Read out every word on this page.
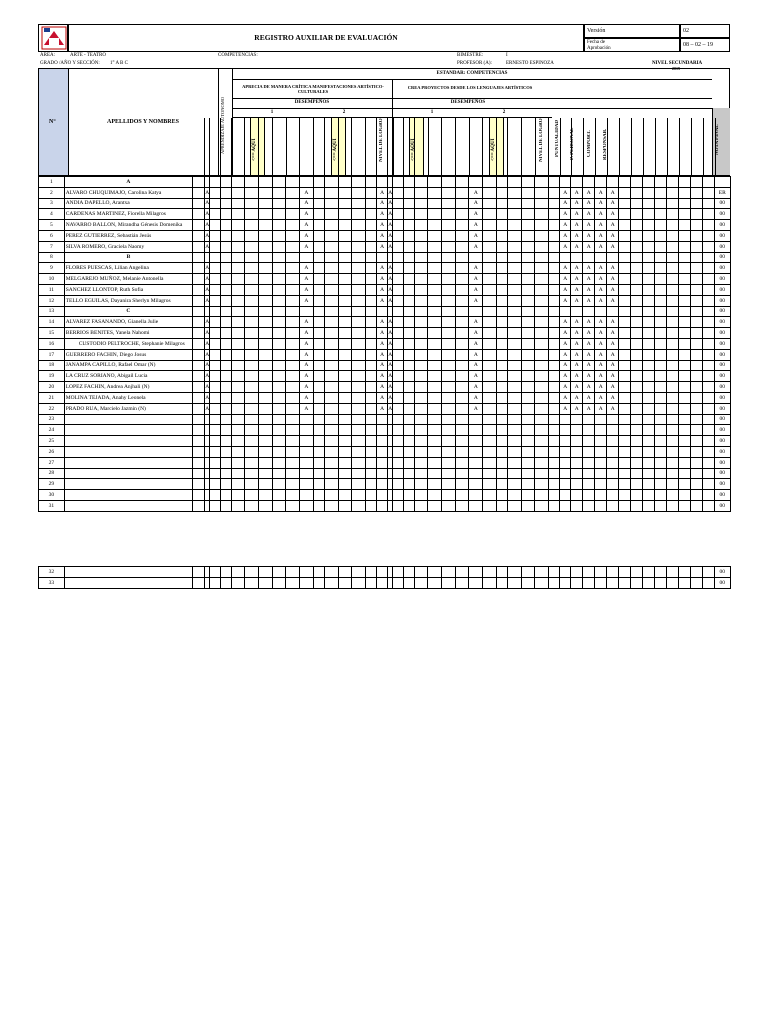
REGISTRO AUXILIAR DE EVALUACIÓN
Versión	02
Fecha de Aprobación
08 – 02 – 19
ÁREA:	ARTE - TEATRO	COMPETENCIAS:	BIMESTRE:	I
GRADO /AÑO Y SECCIÓN: 1° A B C	PROFESOR (A):	ERNESTO ESPINOZA	NIVEL SECUNDARIA
2019
N°	APELLIDOS Y NOMBRES	APRENDIZAJE AUTONOMO
ESTANDAR: COMPETENCIAS
APRECIA DE MANERA CRÍTICA MANIFESTACIONES ARTÍSTICO-CULTURALES
CREA PROYECTOS DESDE LOS LENGUAJES ARTÍSTICOS
DESEMPEÑOS	DESEMPEÑOS
1	2	1	2
<== AQUÍ	<== AQUÍ	<== AQUÍ	<== AQUÍ
NIVEL DE LOGRO	NIVEL DE LOGRO	PUNTUALIDAD	P. PERSONAL	COMPORT.	RESPONSAB.	NOTA FINAL
1	A																																												
2	ALVARO CHUQUIMAJO, Carolina Katya		A								A						A	A							A							A	A	A	A	A									ER
3	ANDIA DAPELLO, Arantxa		A								A						A	A							A							A	A	A	A	A									00
4	CARDENAS MARTINEZ, Fiorella Milagros		A								A						A	A							A							A	A	A	A	A									00
5	NAVARRO BALLON, Mirandha Génesis Domenika		A								A						A	A							A							A	A	A	A	A									00
6	PEREZ GUTIERREZ, Sebastián Jesús		A								A						A	A							A							A	A	A	A	A									00
7	SILVA ROMERO, Graciela Naomy		A								A						A	A							A							A	A	A	A	A									00
8	B																																												00
9	FLORES PUESCAS, Lilian Angelina		A								A						A	A							A							A	A	A	A	A									00
10	MELGAREJO MUÑOZ, Melanie Antonella		A								A						A	A							A							A	A	A	A	A									00
11	SANCHEZ LLONTOP, Ruth Sofia		A								A						A	A							A							A	A	A	A	A									00
12	TELLO EGUILAS, Dayanira Sherlyn Milagros		A								A						A	A							A							A	A	A	A	A									00
13	C																																												00
14	ALVAREZ FASANANDO, Gianella Julie		A								A						A	A							A							A	A	A	A	A									00
15	BERRIOS BENITES, Yanela Nahomi		A								A						A	A							A							A	A	A	A	A									00
16	CUSTODIO PELTROCHE, Stephanie Milagros		A								A						A	A							A							A	A	A	A	A									00
17	GUERRERO FACHIN, Diego Josus		A								A						A	A							A							A	A	A	A	A									00
18	JANAMPA CAPILLO, Rafael Omar (N)		A								A						A	A							A							A	A	A	A	A									00
19	LA CRUZ SORIANO, Abigail Lucia		A								A						A	A							A							A	A	A	A	A									00
20	LOPEZ FACHIN, Andrea Anjhali (N)		A								A						A	A							A							A	A	A	A	A									00
21	MOLINA TEJADA, Anahy Leonela		A								A						A	A							A							A	A	A	A	A									00
22	PRADO RUA, Marcielo Jazmin (N)		A								A						A	A							A							A	A	A	A	A									00
23																																													00
24																																													00
25																																													00
26																																													00
27																																													00
28																																													00
29																																													00
30																																													00
31																																													00
32																																													00
33																																													00
